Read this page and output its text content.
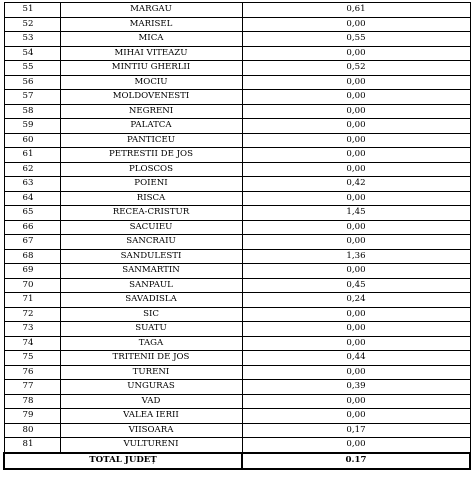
51	MARGAU	0,61
52	MARISEL	0,00
53	MICA	0,55
54	MIHAI VITEAZU	0,00
55	MINTIU GHERLII	0,52
56	MOCIU	0,00
57	MOLDOVENESTI	0,00
58	NEGRENI	0,00
59	PALATCA	0,00
60	PANTICEU	0,00
61	PETRESTII DE JOS	0,00
62	PLOSCOS	0,00
63	POIENI	0,42
64	RISCA	0,00
65	RECEA-CRISTUR	1,45
66	SACUIEU	0,00
67	SANCRAIU	0,00
68	SANDULESTI	1,36
69	SANMARTIN	0,00
70	SANPAUL	0,45
71	SAVADISLA	0,24
72	SIC	0,00
73	SUATU	0,00
74	TAGA	0,00
75	TRITENII DE JOS	0,44
76	TURENI	0,00
77	UNGURAS	0,39
78	VAD	0,00
79	VALEA IERII	0,00
80	VIISOARA	0,17
81	VULTURENI	0,00
TOTAL JUDEȚ		0.17
